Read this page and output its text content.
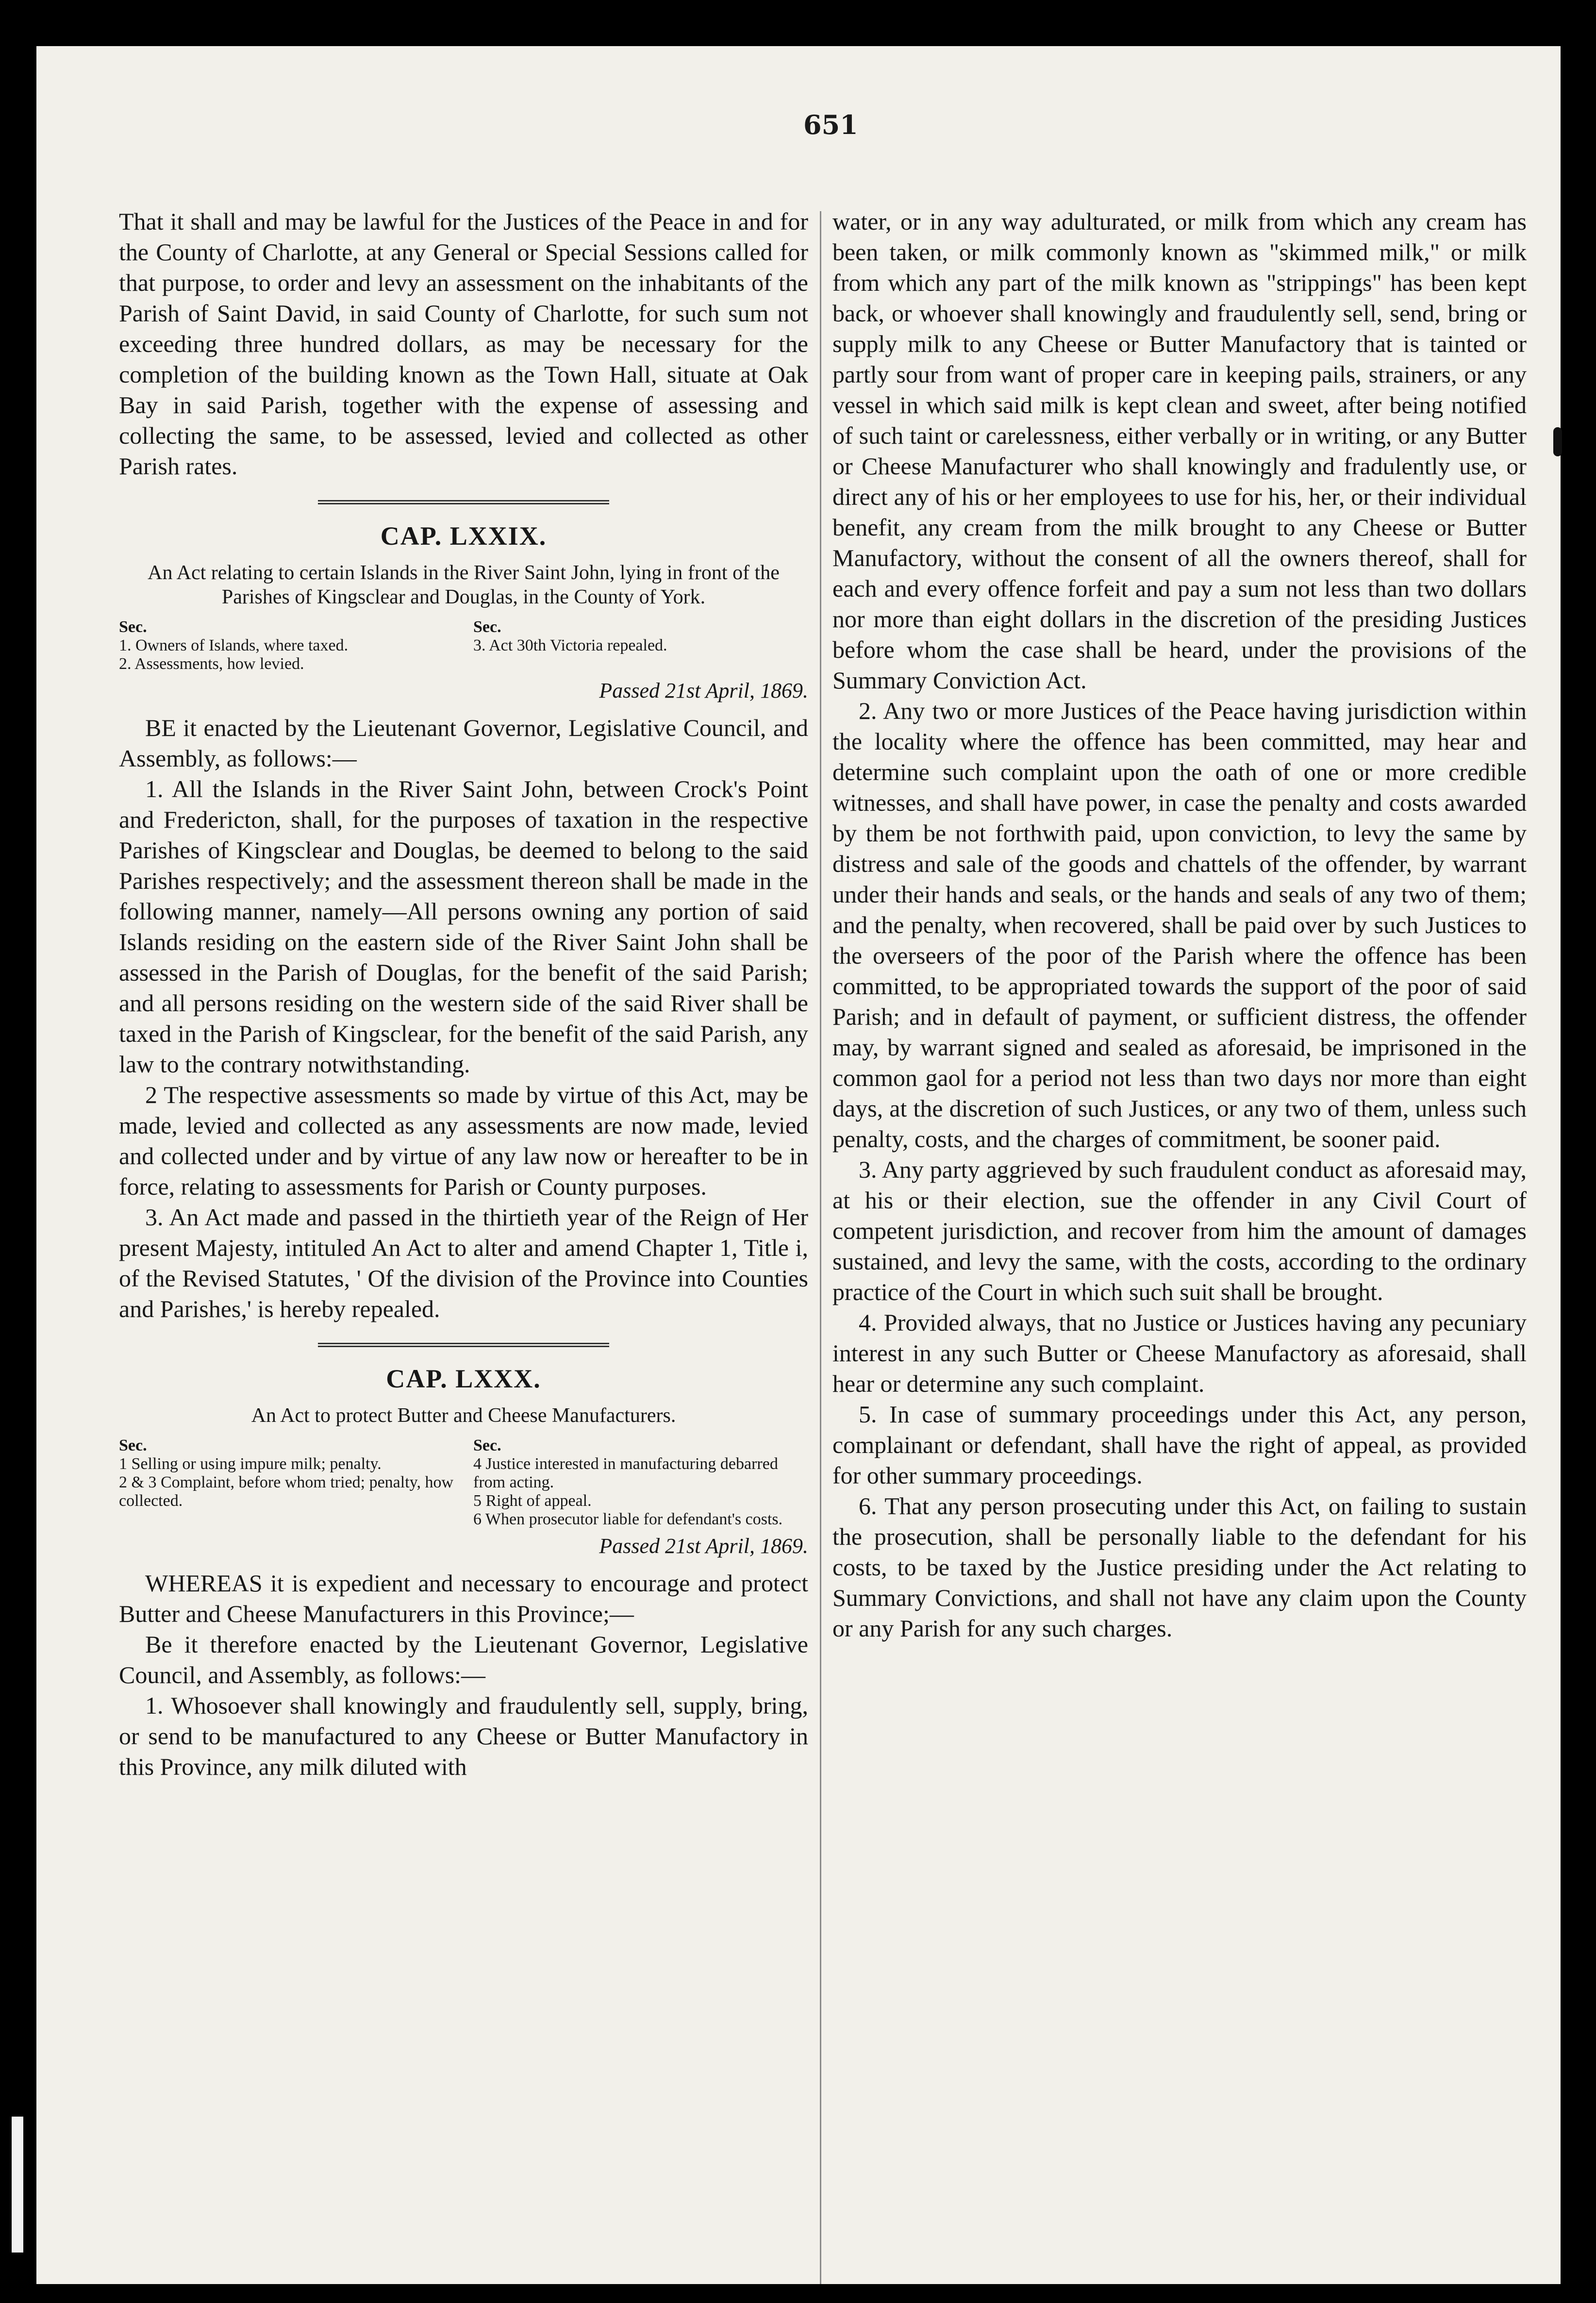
651

That it shall and may be lawful for the Justices of the Peace in and for the County of Charlotte, at any General or Special Sessions called for that purpose, to order and levy an assessment on the inhabitants of the Parish of Saint David, in said County of Charlotte, for such sum not exceeding three hundred dollars, as may be necessary for the completion of the building known as the Town Hall, situate at Oak Bay in said Parish, together with the expense of assessing and collecting the same, to be assessed, levied and collected as other Parish rates.

CAP. LXXIX.

An Act relating to certain Islands in the River Saint John, lying in front of the Parishes of Kingsclear and Douglas, in the County of York.

Sec.
1. Owners of Islands, where taxed.
2. Assessments, how levied.
Sec.
3. Act 30th Victoria repealed.
Passed 21st April, 1869.

BE it enacted by the Lieutenant Governor, Legislative Council, and Assembly, as follows:—

1. All the Islands in the River Saint John, between Crock's Point and Fredericton, shall, for the purposes of taxation in the respective Parishes of Kingsclear and Douglas, be deemed to belong to the said Parishes respectively; and the assessment thereon shall be made in the following manner, namely—All persons owning any portion of said Islands residing on the eastern side of the River Saint John shall be assessed in the Parish of Douglas, for the benefit of the said Parish; and all persons residing on the western side of the said River shall be taxed in the Parish of Kingsclear, for the benefit of the said Parish, any law to the contrary notwithstanding.

2 The respective assessments so made by virtue of this Act, may be made, levied and collected as any assessments are now made, levied and collected under and by virtue of any law now or hereafter to be in force, relating to assessments for Parish or County purposes.

3. An Act made and passed in the thirtieth year of the Reign of Her present Majesty, intituled An Act to alter and amend Chapter 1, Title i, of the Revised Statutes, ' Of the division of the Province into Counties and Parishes,' is hereby repealed.

CAP. LXXX.

An Act to protect Butter and Cheese Manufacturers.

Sec.
1 Selling or using impure milk; penalty.
2 & 3 Complaint, before whom tried; penalty, how collected.
Sec.
4 Justice interested in manufacturing debarred from acting.
5 Right of appeal.
6 When prosecutor liable for defendant's costs.
Passed 21st April, 1869.

WHEREAS it is expedient and necessary to encourage and protect Butter and Cheese Manufacturers in this Province;—

Be it therefore enacted by the Lieutenant Governor, Legislative Council, and Assembly, as follows:—

1. Whosoever shall knowingly and fraudulently sell, supply, bring, or send to be manufactured to any Cheese or Butter Manufactory in this Province, any milk diluted with

water, or in any way adulturated, or milk from which any cream has been taken, or milk commonly known as "skimmed milk," or milk from which any part of the milk known as "strippings" has been kept back, or whoever shall knowingly and fraudulently sell, send, bring or supply milk to any Cheese or Butter Manufactory that is tainted or partly sour from want of proper care in keeping pails, strainers, or any vessel in which said milk is kept clean and sweet, after being notified of such taint or carelessness, either verbally or in writing, or any Butter or Cheese Manufacturer who shall knowingly and fradulently use, or direct any of his or her employees to use for his, her, or their individual benefit, any cream from the milk brought to any Cheese or Butter Manufactory, without the consent of all the owners thereof, shall for each and every offence forfeit and pay a sum not less than two dollars nor more than eight dollars in the discretion of the presiding Justices before whom the case shall be heard, under the provisions of the Summary Conviction Act.

2. Any two or more Justices of the Peace having jurisdiction within the locality where the offence has been committed, may hear and determine such complaint upon the oath of one or more credible witnesses, and shall have power, in case the penalty and costs awarded by them be not forthwith paid, upon conviction, to levy the same by distress and sale of the goods and chattels of the offender, by warrant under their hands and seals, or the hands and seals of any two of them; and the penalty, when recovered, shall be paid over by such Justices to the overseers of the poor of the Parish where the offence has been committed, to be appropriated towards the support of the poor of said Parish; and in default of payment, or sufficient distress, the offender may, by warrant signed and sealed as aforesaid, be imprisoned in the common gaol for a period not less than two days nor more than eight days, at the discretion of such Justices, or any two of them, unless such penalty, costs, and the charges of commitment, be sooner paid.

3. Any party aggrieved by such fraudulent conduct as aforesaid may, at his or their election, sue the offender in any Civil Court of competent jurisdiction, and recover from him the amount of damages sustained, and levy the same, with the costs, according to the ordinary practice of the Court in which such suit shall be brought.

4. Provided always, that no Justice or Justices having any pecuniary interest in any such Butter or Cheese Manufactory as aforesaid, shall hear or determine any such complaint.

5. In case of summary proceedings under this Act, any person, complainant or defendant, shall have the right of appeal, as provided for other summary proceedings.

6. That any person prosecuting under this Act, on failing to sustain the prosecution, shall be personally liable to the defendant for his costs, to be taxed by the Justice presiding under the Act relating to Summary Convictions, and shall not have any claim upon the County or any Parish for any such charges.
